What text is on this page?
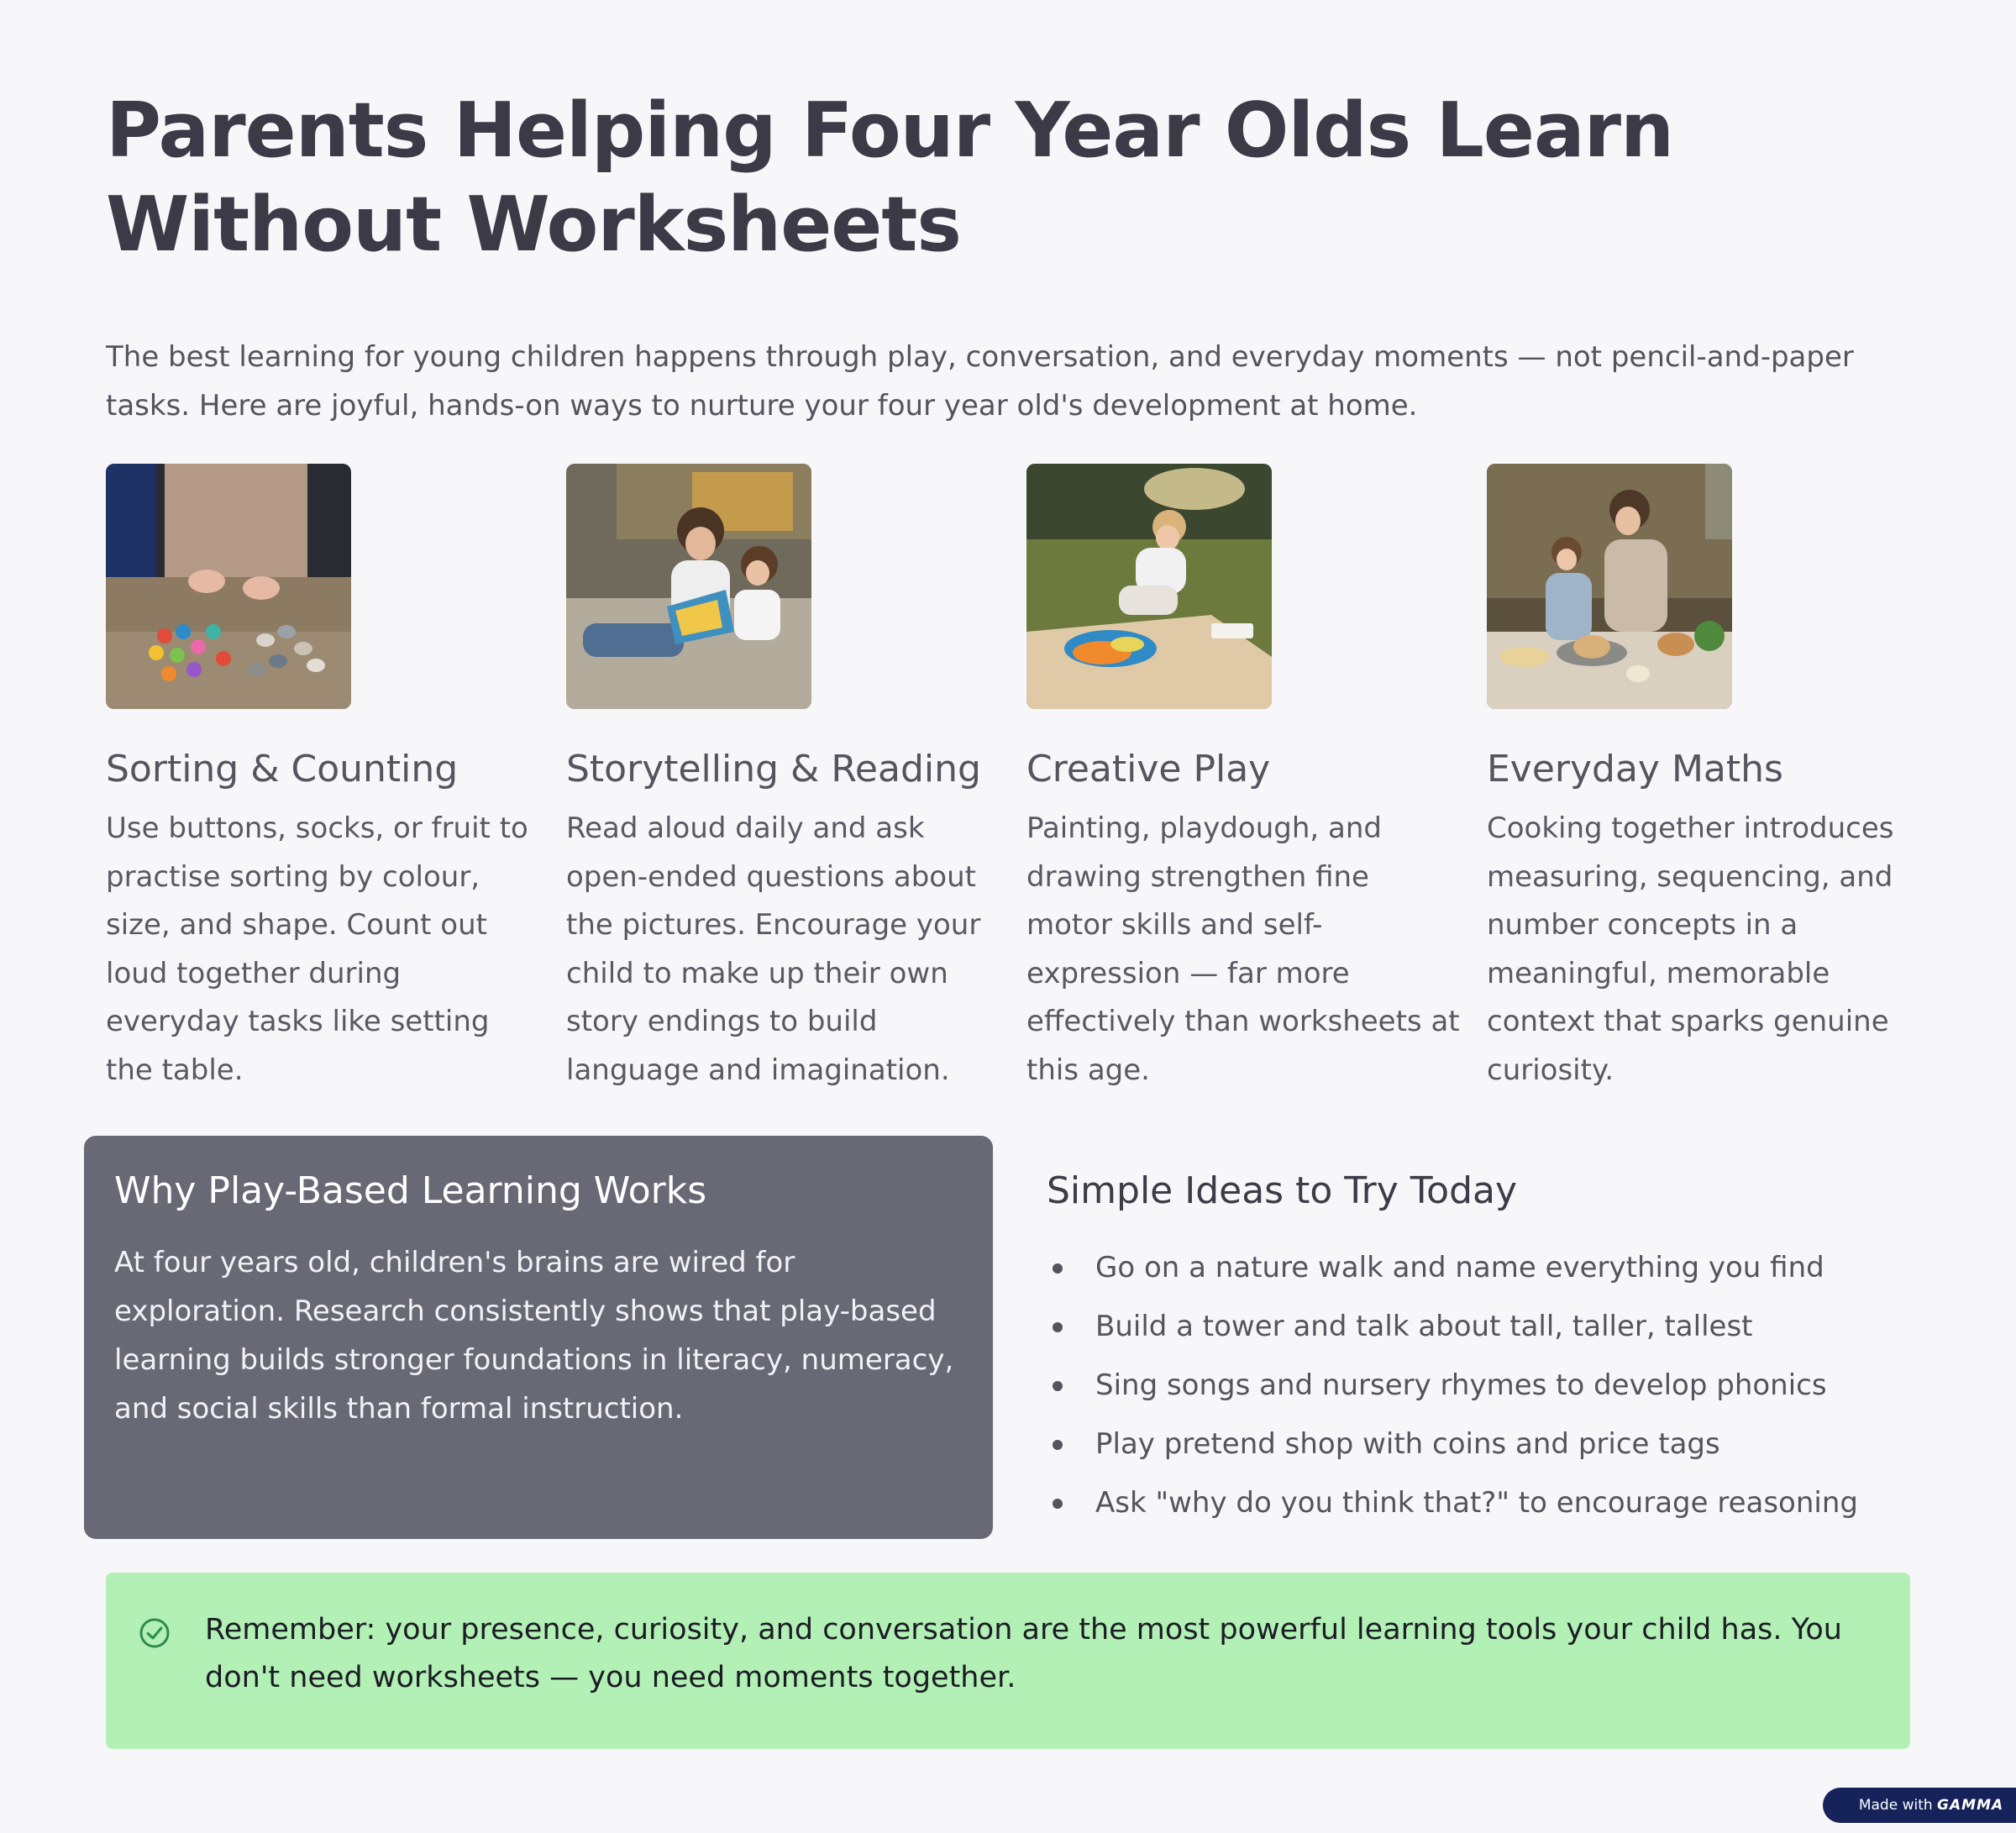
Parents Helping Four Year Olds Learn Without Worksheets

The best learning for young children happens through play, conversation, and everyday moments — not pencil-and-paper tasks. Here are joyful, hands-on ways to nurture your four year old's development at home.

Sorting & Counting

Use buttons, socks, or fruit to practise sorting by colour, size, and shape. Count out loud together during everyday tasks like setting the table.

Storytelling & Reading

Read aloud daily and ask open-ended questions about the pictures. Encourage your child to make up their own story endings to build language and imagination.

Creative Play

Painting, playdough, and drawing strengthen fine motor skills and self-expression — far more effectively than worksheets at this age.

Everyday Maths

Cooking together introduces measuring, sequencing, and number concepts in a meaningful, memorable context that sparks genuine curiosity.

Why Play-Based Learning Works

At four years old, children's brains are wired for exploration. Research consistently shows that play-based learning builds stronger foundations in literacy, numeracy, and social skills than formal instruction.

Simple Ideas to Try Today
Go on a nature walk and name everything you find
Build a tower and talk about tall, taller, tallest
Sing songs and nursery rhymes to develop phonics
Play pretend shop with coins and price tags
Ask "why do you think that?" to encourage reasoning

Remember: your presence, curiosity, and conversation are the most powerful learning tools your child has. You don't need worksheets — you need moments together.

Made with GAMMA
